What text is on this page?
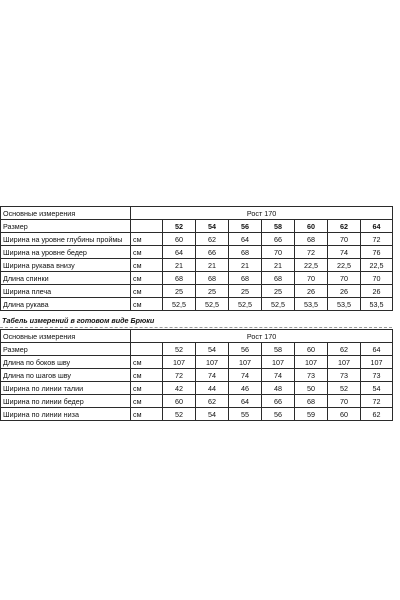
Основные измерения	Рост 170							
Размер		52	54	56	58	60	62	64
Ширина на уровне глубины проймы	см	60	62	64	66	68	70	72
Ширина на уровне бедер	см	64	66	68	70	72	74	76
Ширина рукава внизу	см	21	21	21	21	22,5	22,5	22,5
Длина спинки	см	68	68	68	68	70	70	70
Ширина плеча	см	25	25	25	25	26	26	26
Длина рукава	см	52,5	52,5	52,5	52,5	53,5	53,5	53,5
Табель измерений в готовом виде Брюки
Основные измерения	Рост 170							
Размер		52	54	56	58	60	62	64
Длина по боков шву	см	107	107	107	107	107	107	107
Длина по шагов шву	см	72	74	74	74	73	73	73
Ширина по линии талии	см	42	44	46	48	50	52	54
Ширина по линии бедер	см	60	62	64	66	68	70	72
Ширина по линии низа	см	52	54	55	56	59	60	62
